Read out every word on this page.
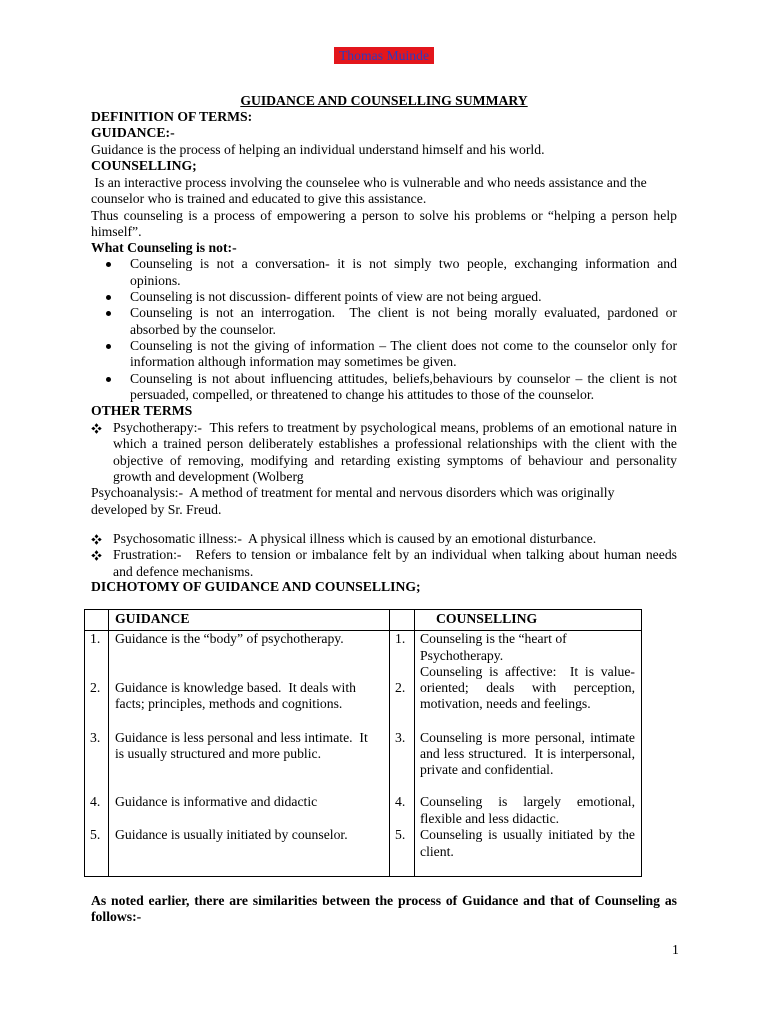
Thomas Muinde
GUIDANCE AND COUNSELLING SUMMARY
DEFINITION OF TERMS:
GUIDANCE:-
Guidance is the process of helping an individual understand himself and his world.
COUNSELLING;
Is an interactive process involving the counselee who is vulnerable and who needs assistance and the
counselor who is trained and educated to give this assistance.
Thus counseling is a process of empowering a person to solve his problems or “helping a person help
himself”.
What Counseling is not:-
Counseling is not a conversation- it is not simply two people, exchanging information and
opinions.
Counseling is not discussion- different points of view are not being argued.
Counseling is not an interrogation.  The client is not being morally evaluated, pardoned or
absorbed by the counselor.
Counseling is not the giving of information – The client does not come to the counselor only for
information although information may sometimes be given.
Counseling is not about influencing attitudes, beliefs,behaviours by counselor – the client is not
persuaded, compelled, or threatened to change his attitudes to those of the counselor.
OTHER TERMS
Psychotherapy:-  This refers to treatment by psychological means, problems of an emotional nature in
which a trained person deliberately establishes a professional relationships with the client with the
objective of removing, modifying and retarding existing symptoms of behaviour and personality
growth and development (Wolberg
Psychoanalysis:-  A method of treatment for mental and nervous disorders which was originally
developed by Sr. Freud.
Psychosomatic illness:-  A physical illness which is caused by an emotional disturbance.
Frustration:-   Refers to tension or imbalance felt by an individual when talking about human needs
and defence mechanisms.
DICHOTOMY OF GUIDANCE AND COUNSELLING;
GUIDANCE	COUNSELLING
1. Guidance is the “body” of psychotherapy.
2. Guidance is knowledge based.  It deals with
facts; principles, methods and cognitions.
3. Guidance is less personal and less intimate.  It
is usually structured and more public.
4. Guidance is informative and didactic
5. Guidance is usually initiated by counselor.
1. Counseling is the “heart of
Psychotherapy.
Counseling is affective:  It is value-
2. oriented; deals with perception,
motivation, needs and feelings.
3. Counseling is more personal, intimate
and less structured.  It is interpersonal,
private and confidential.
4. Counseling is largely emotional,
flexible and less didactic.
5. Counseling is usually initiated by the
client.
As noted earlier, there are similarities between the process of Guidance and that of Counseling as
follows:-
1
